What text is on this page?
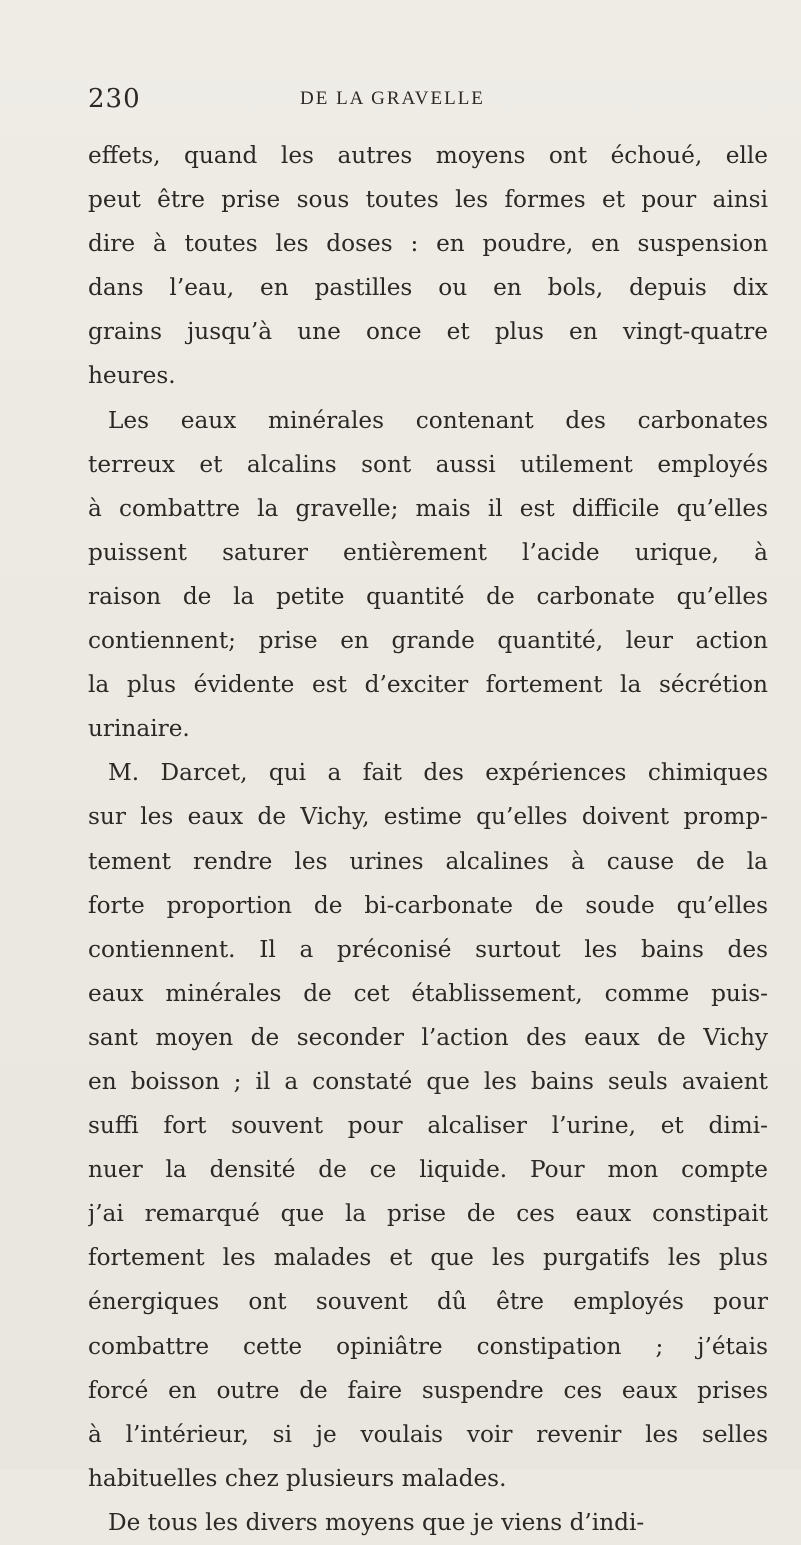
230	DE LA GRAVELLE
effets, quand les autres moyens ont échoué, elle
peut être prise sous toutes les formes et pour ainsi
dire à toutes les doses : en poudre, en suspension
dans l’eau, en pastilles ou en bols, depuis dix
grains jusqu’à une once et plus en vingt-quatre
heures.
Les eaux minérales contenant des carbonates
terreux et alcalins sont aussi utilement employés
à combattre la gravelle; mais il est difficile qu’elles
puissent saturer entièrement l’acide urique, à
raison de la petite quantité de carbonate qu’elles
contiennent; prise en grande quantité, leur action
la plus évidente est d’exciter fortement la sécrétion
urinaire.
M. Darcet, qui a fait des expériences chimiques
sur les eaux de Vichy, estime qu’elles doivent promp-
tement rendre les urines alcalines à cause de la
forte proportion de bi-carbonate de soude qu’elles
contiennent. Il a préconisé surtout les bains des
eaux minérales de cet établissement, comme puis-
sant moyen de seconder l’action des eaux de Vichy
en boisson ; il a constaté que les bains seuls avaient
suffi fort souvent pour alcaliser l’urine, et dimi-
nuer la densité de ce liquide. Pour mon compte
j’ai remarqué que la prise de ces eaux constipait
fortement les malades et que les purgatifs les plus
énergiques ont souvent dû être employés pour
combattre cette opiniâtre constipation ; j’étais
forcé en outre de faire suspendre ces eaux prises
à l’intérieur, si je voulais voir revenir les selles
habituelles chez plusieurs malades.
De tous les divers moyens que je viens d’indi-
